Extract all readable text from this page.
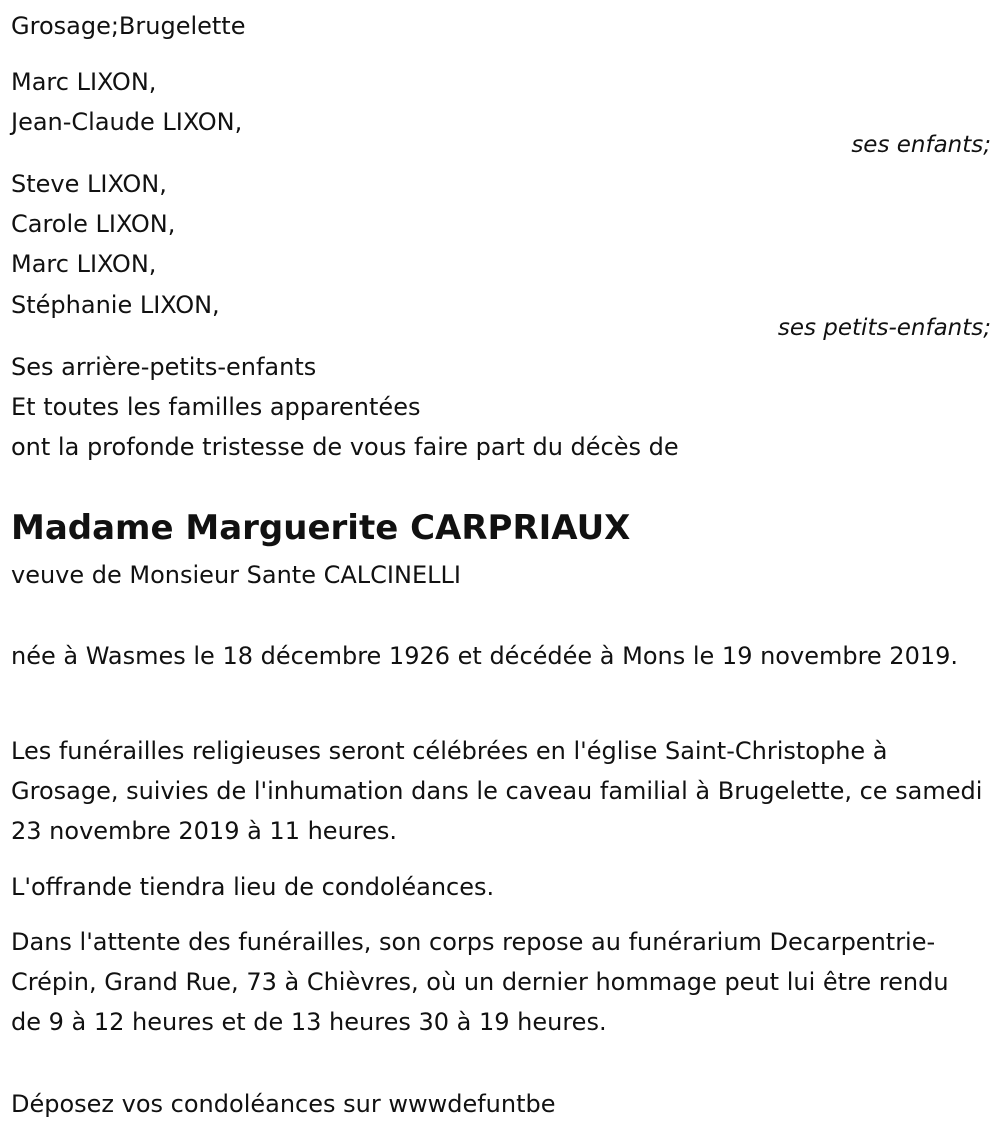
Grosage;Brugelette
Marc LIXON,
Jean-Claude LIXON,
ses enfants;
Steve LIXON,
Carole LIXON,
Marc LIXON,
Stéphanie LIXON,
ses petits-enfants;
Ses arrière-petits-enfants
Et toutes les familles apparentées
ont la profonde tristesse de vous faire part du décès de
Madame Marguerite CARPRIAUX
veuve de Monsieur Sante CALCINELLI
née à Wasmes le 18 décembre 1926 et décédée à Mons le 19 novembre 2019.
Les funérailles religieuses seront célébrées en l'église Saint-Christophe à Grosage, suivies de l'inhumation dans le caveau familial à Brugelette, ce samedi 23 novembre 2019 à 11 heures.
L'offrande tiendra lieu de condoléances.
Dans l'attente des funérailles, son corps repose au funérarium Decarpentrie-Crépin, Grand Rue, 73 à Chièvres, où un dernier hommage peut lui être rendu de 9 à 12 heures et de 13 heures 30 à 19 heures.
Déposez vos condoléances sur wwwdefuntbe
